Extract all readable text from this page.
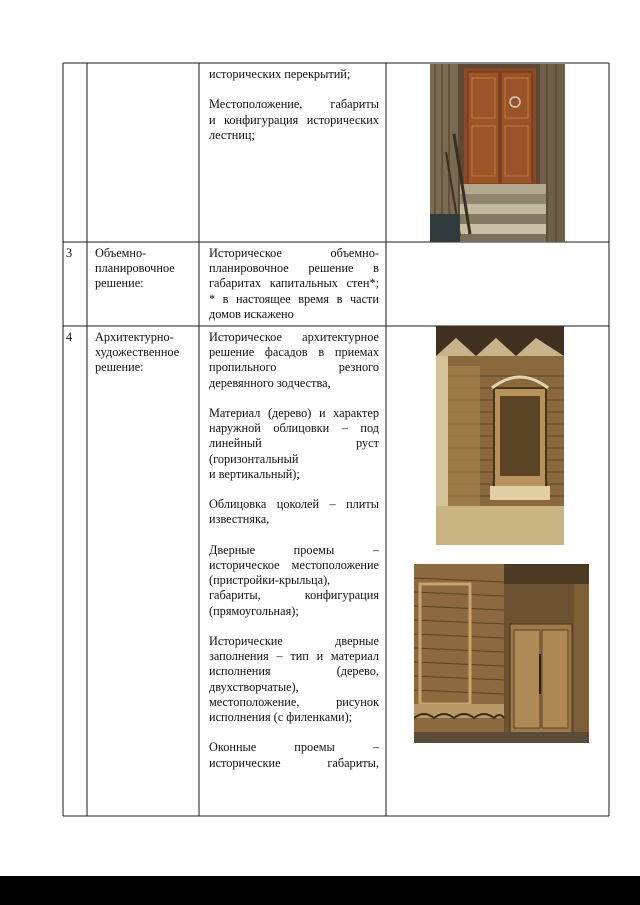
исторических перекрытий;

Местоположение, габариты
и конфигурация исторических
лестниц;
3 Объемно-
планировочное
решение:
Историческое объемно-
планировочное решение в
габаритах капитальных стен*;
* в настоящее время в части
домов искажено
4 Архитектурно-
художественное
решение:
Историческое архитектурное
решение фасадов в приемах
пропильного резного
деревянного зодчества,

Материал (дерево) и характер
наружной облицовки – под
линейный руст
(горизонтальный
и вертикальный);

Облицовка цоколей – плиты
известняка,

Дверные проемы –
историческое местоположение
(пристройки-крыльца),
габариты, конфигурация
(прямоугольная);

Исторические дверные
заполнения – тип и материал
исполнения (дерево,
двухстворчатые),
местоположение, рисунок
исполнения (с филенками);

Оконные проемы –
исторические габариты,
